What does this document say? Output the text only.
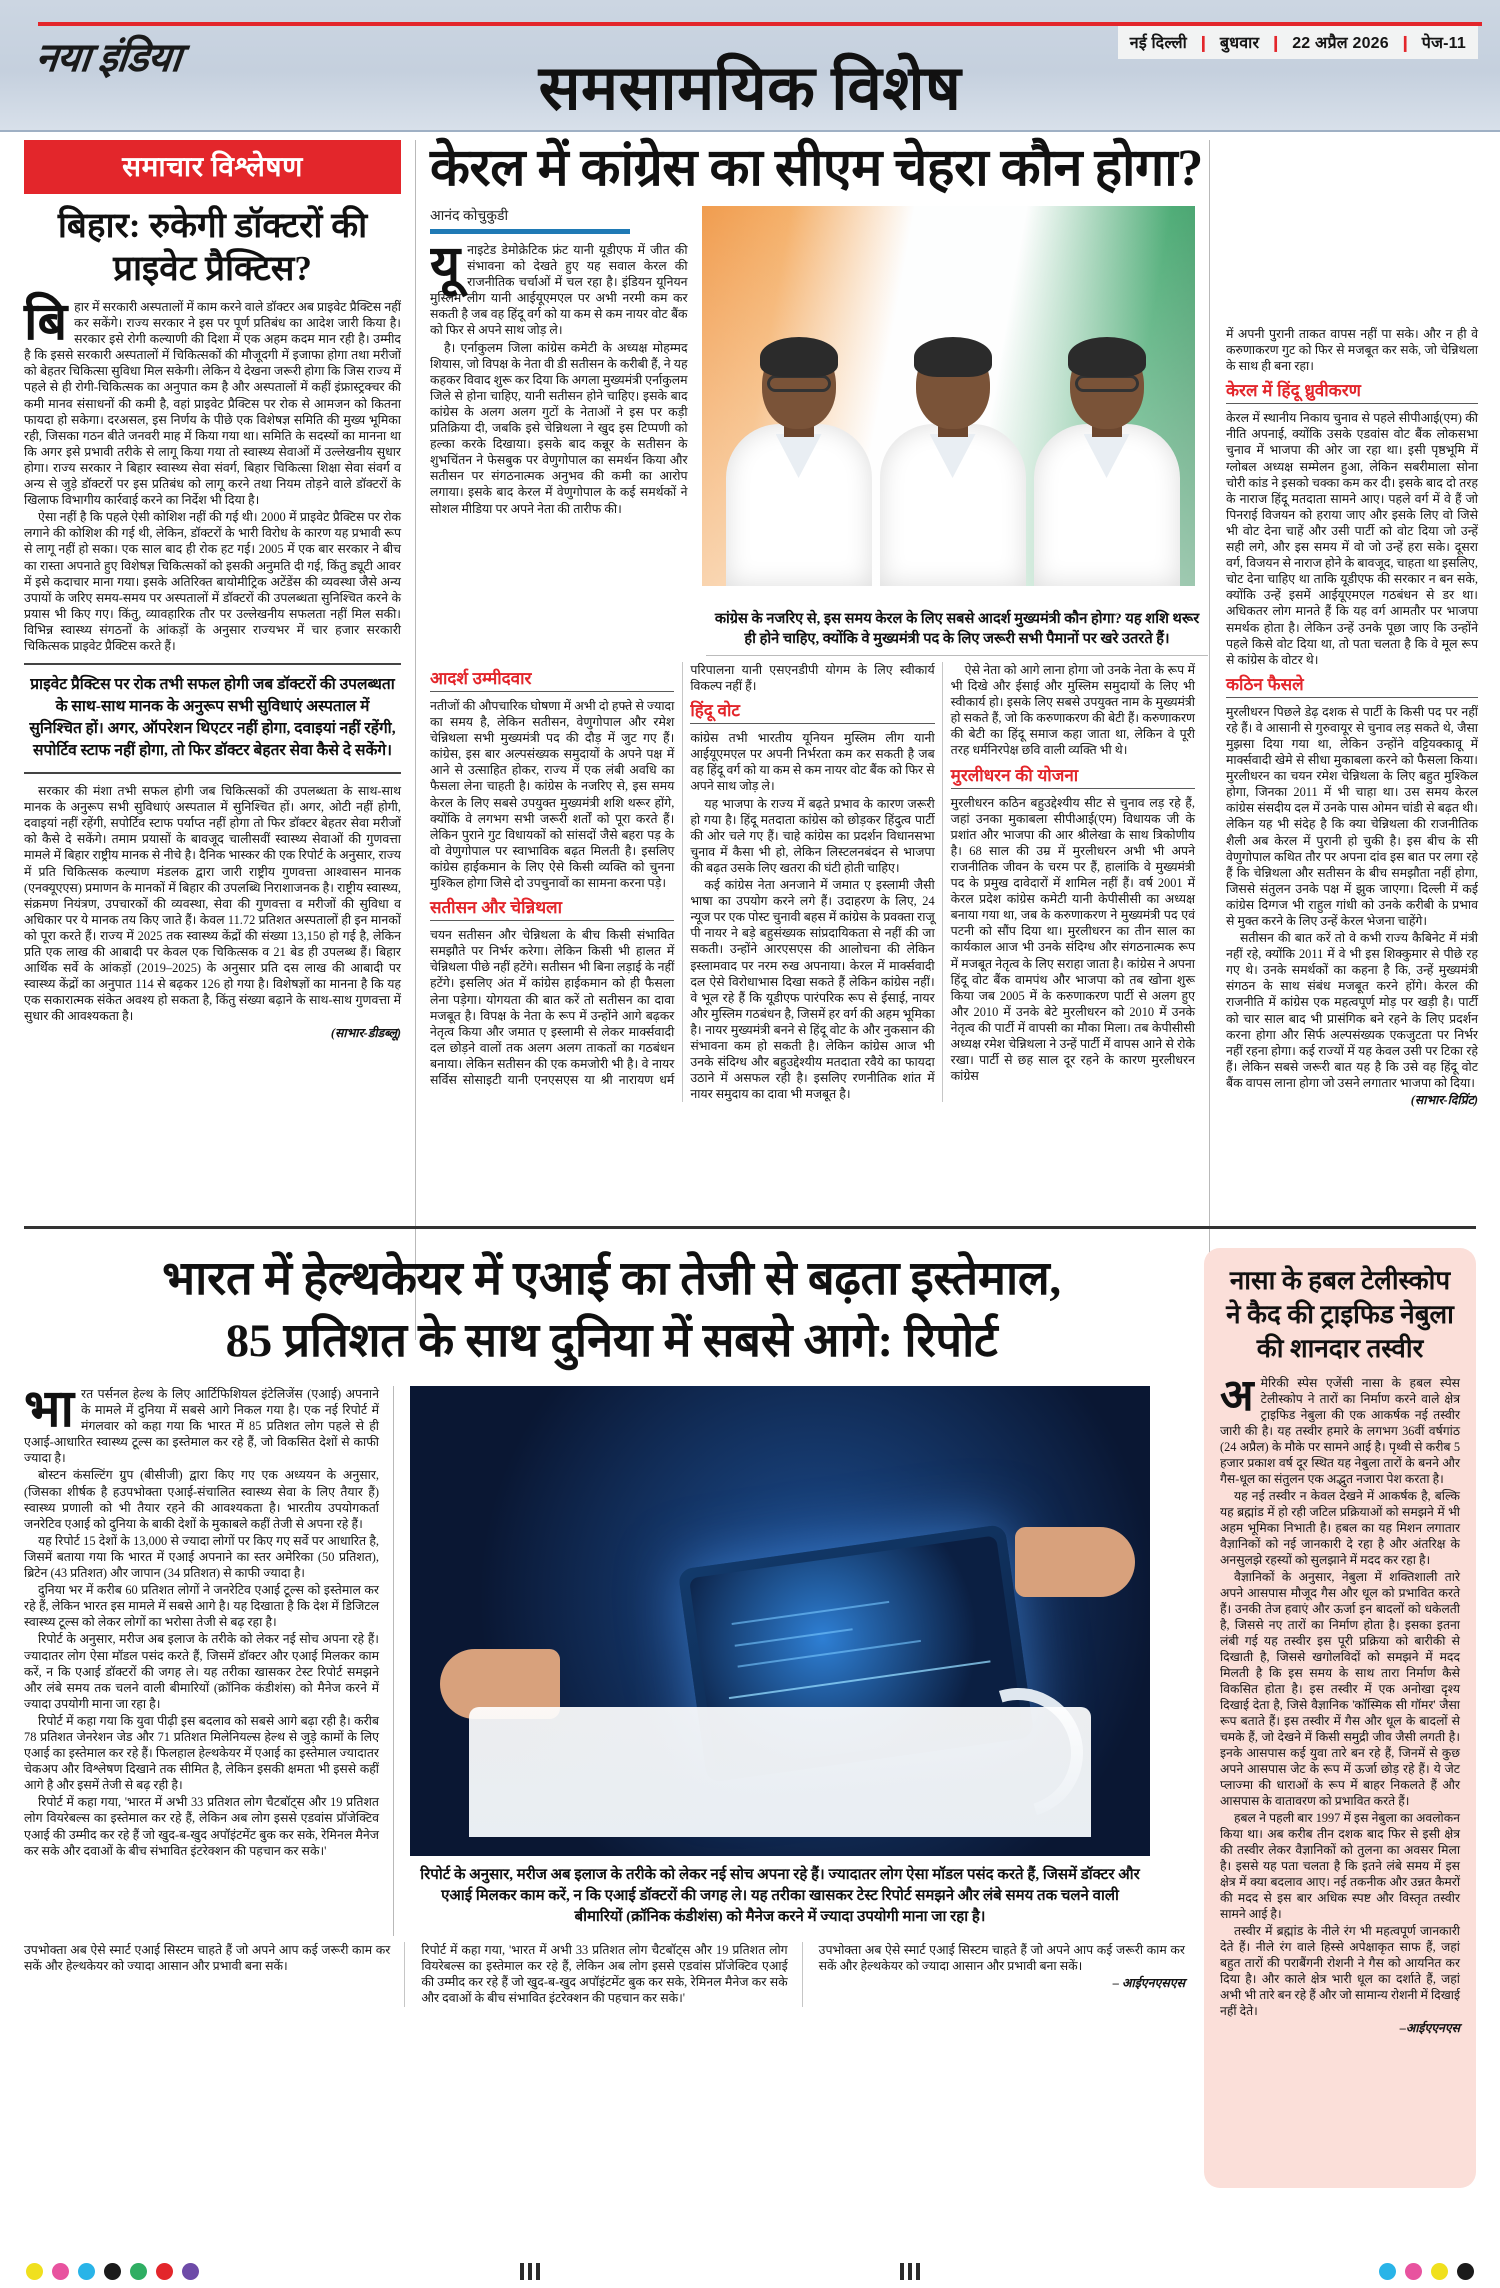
नया इंडिया	नई दिल्ली ❙ बुधवार ❙ 22 अप्रैल 2026 ❙ पेज-11
समसामयिक विशेष
समाचार विश्लेषण
बिहार: रुकेगी डॉक्टरों की प्राइवेट प्रैक्टिस?

बिहार में सरकारी अस्पतालों में काम करने वाले डॉक्टर अब प्राइवेट प्रैक्टिस नहीं कर सकेंगे। राज्य सरकार ने इस पर पूर्ण प्रतिबंध का आदेश जारी किया है। सरकार इसे रोगी कल्याणी की दिशा में एक अहम कदम मान रही है। उम्मीद है कि इससे सरकारी अस्पतालों में चिकित्सकों की मौजूदगी में इजाफा होगा तथा मरीजों को बेहतर चिकित्सा सुविधा मिल सकेगी। लेकिन ये देखना जरूरी होगा कि जिस राज्य में पहले से ही रोगी-चिकित्सक का अनुपात कम है और अस्पतालों में कहीं इंफ्रास्ट्रक्चर की कमी मानव संसाधनों की कमी है, वहां प्राइवेट प्रैक्टिस पर रोक से आमजन को कितना फायदा हो सकेगा। दरअसल, इस निर्णय के पीछे एक विशेषज्ञ समिति की मुख्य भूमिका रही, जिसका गठन बीते जनवरी माह में किया गया था। समिति के सदस्यों का मानना था कि अगर इसे प्रभावी तरीके से लागू किया गया तो स्वास्थ्य सेवाओं में उल्लेखनीय सुधार होगा। राज्य सरकार ने बिहार स्वास्थ्य सेवा संवर्ग, बिहार चिकित्सा शिक्षा सेवा संवर्ग व अन्य से जुड़े डॉक्टरों पर इस प्रतिबंध को लागू करने तथा नियम तोड़ने वाले डॉक्टरों के खिलाफ विभागीय कार्रवाई करने का निर्देश भी दिया है।

ऐसा नहीं है कि पहले ऐसी कोशिश नहीं की गई थी। 2000 में प्राइवेट प्रैक्टिस पर रोक लगाने की कोशिश की गई थी, लेकिन, डॉक्टरों के भारी विरोध के कारण यह प्रभावी रूप से लागू नहीं हो सका। एक साल बाद ही रोक हट गई। 2005 में एक बार सरकार ने बीच का रास्ता अपनाते हुए विशेषज्ञ चिकित्सकों को इसकी अनुमति दी गई, किंतु ड्यूटी आवर में इसे कदाचार माना गया। इसके अतिरिक्त बायोमीट्रिक अटेंडेंस की व्यवस्था जैसे अन्य उपायों के जरिए समय-समय पर अस्पतालों में डॉक्टरों की उपलब्धता सुनिश्चित करने के प्रयास भी किए गए। किंतु, व्यावहारिक तौर पर उल्लेखनीय सफलता नहीं मिल सकी। विभिन्न स्वास्थ्य संगठनों के आंकड़ों के अनुसार राज्यभर में चार हजार सरकारी चिकित्सक प्राइवेट प्रैक्टिस करते हैं।

प्राइवेट प्रैक्टिस पर रोक तभी सफल होगी जब डॉक्टरों की उपलब्धता के साथ-साथ मानक के अनुरूप सभी सुविधाएं अस्पताल में सुनिश्चित हों। अगर, ऑपरेशन थिएटर नहीं होगा, दवाइयां नहीं रहेंगी, सपोर्टिव स्टाफ नहीं होगा, तो फिर डॉक्टर बेहतर सेवा कैसे दे सकेंगे।

सरकार की मंशा तभी सफल होगी जब चिकित्सकों की उपलब्धता के साथ-साथ मानक के अनुरूप सभी सुविधाएं अस्पताल में सुनिश्चित हों। अगर, ओटी नहीं होगी, दवाइयां नहीं रहेंगी, सपोर्टिव स्टाफ पर्याप्त नहीं होगा तो फिर डॉक्टर बेहतर सेवा मरीजों को कैसे दे सकेंगे। तमाम प्रयासों के बावजूद चालीसवीं स्वास्थ्य सेवाओं की गुणवत्ता मामले में बिहार राष्ट्रीय मानक से नीचे है। दैनिक भास्कर की एक रिपोर्ट के अनुसार, राज्य में प्रति चिकित्सक कल्याण मंडलक द्वारा जारी राष्ट्रीय गुणवत्ता आश्वासन मानक (एनक्यूएएस) प्रमाणन के मानकों में बिहार की उपलब्धि निराशाजनक है। राष्ट्रीय स्वास्थ्य, संक्रमण नियंत्रण, उपचारकों की व्यवस्था, सेवा की गुणवत्ता व मरीजों की सुविधा व अधिकार पर ये मानक तय किए जाते हैं। केवल 11.72 प्रतिशत अस्पतालों ही इन मानकों को पूरा करते हैं। राज्य में 2025 तक स्वास्थ्य केंद्रों की संख्या 13,150 हो गई है, लेकिन प्रति एक लाख की आबादी पर केवल एक चिकित्सक व 21 बेड ही उपलब्ध हैं। बिहार आर्थिक सर्वे के आंकड़ों (2019–2025) के अनुसार प्रति दस लाख की आबादी पर स्वास्थ्य केंद्रों का अनुपात 114 से बढ़कर 126 हो गया है। विशेषज्ञों का मानना है कि यह एक सकारात्मक संकेत अवश्य हो सकता है, किंतु संख्या बढ़ाने के साथ-साथ गुणवत्ता में सुधार की आवश्यकता है।

(साभार-डीडब्लू)

केरल में कांग्रेस का सीएम चेहरा कौन होगा?
आनंद कोचुकुडी

यूनाइटेड डेमोक्रेटिक फ्रंट यानी यूडीएफ में जीत की संभावना को देखते हुए यह सवाल केरल की राजनीतिक चर्चाओं में चल रहा है। इंडियन यूनियन मुस्लिम लीग यानी आईयूएमएल पर अभी नरमी कम कर सकती है जब वह हिंदू वर्ग को या कम से कम नायर वोट बैंक को फिर से अपने साथ जोड़ ले।

है। एर्नाकुलम जिला कांग्रेस कमेटी के अध्यक्ष मोहम्मद शियास, जो विपक्ष के नेता वी डी सतीसन के करीबी हैं, ने यह कहकर विवाद शुरू कर दिया कि अगला मुख्यमंत्री एर्नाकुलम जिले से होना चाहिए, यानी सतीसन होने चाहिए। इसके बाद कांग्रेस के अलग अलग गुटों के नेताओं ने इस पर कड़ी प्रतिक्रिया दी, जबकि इसे चेन्निथला ने खुद इस टिप्पणी को हल्का करके दिखाया। इसके बाद कन्नूर के सतीसन के शुभचिंतन ने फेसबुक पर वेणुगोपाल का समर्थन किया और सतीसन पर संगठनात्मक अनुभव की कमी का आरोप लगाया। इसके बाद केरल में वेणुगोपाल के कई समर्थकों ने सोशल मीडिया पर अपने नेता की तारीफ की।

कांग्रेस के नजरिए से, इस समय केरल के लिए सबसे आदर्श मुख्यमंत्री कौन होगा? यह शशि थरूर ही होने चाहिए, क्योंकि वे मुख्यमंत्री पद के लिए जरूरी सभी पैमानों पर खरे उतरते हैं।
आदर्श उम्मीदवार

नतीजों की औपचारिक घोषणा में अभी दो हफ्ते से ज्यादा का समय है, लेकिन सतीसन, वेणुगोपाल और रमेश चेन्निथला सभी मुख्यमंत्री पद की दौड़ में जुट गए हैं। कांग्रेस, इस बार अल्पसंख्यक समुदायों के अपने पक्ष में आने से उत्साहित होकर, राज्य में एक लंबी अवधि का फैसला लेना चाहती है। कांग्रेस के नजरिए से, इस समय केरल के लिए सबसे उपयुक्त मुख्यमंत्री शशि थरूर होंगे, क्योंकि वे लगभग सभी जरूरी शर्तों को पूरा करते हैं। लेकिन पुराने गुट विधायकों को सांसदों जैसे बहरा पड़ के वो वेणुगोपाल पर स्वाभाविक बढ़त मिलती है। इसलिए कांग्रेस हाईकमान के लिए ऐसे किसी व्यक्ति को चुनना मुश्किल होगा जिसे दो उपचुनावों का सामना करना पड़े।

सतीसन और चेन्निथला

चयन सतीसन और चेन्निथला के बीच किसी संभावित समझौते पर निर्भर करेगा। लेकिन किसी भी हालत में चेन्निथला पीछे नहीं हटेंगे। सतीसन भी बिना लड़ाई के नहीं हटेंगे। इसलिए अंत में कांग्रेस हाईकमान को ही फैसला लेना पड़ेगा। योगयता की बात करें तो सतीसन का दावा मजबूत है। विपक्ष के नेता के रूप में उन्होंने आगे बढ़कर नेतृत्व किया और जमात ए इस्लामी से लेकर मार्क्सवादी दल छोड़ने वालों तक अलग अलग ताकतों का गठबंधन बनाया। लेकिन सतीसन की एक कमजोरी भी है। वे नायर सर्विस सोसाइटी यानी एनएसएस या श्री नारायण धर्म परिपालना यानी एसएनडीपी योगम के लिए स्वीकार्य विकल्प नहीं हैं।

हिंदू वोट

कांग्रेस तभी भारतीय यूनियन मुस्लिम लीग यानी आईयूएमएल पर अपनी निर्भरता कम कर सकती है जब वह हिंदू वर्ग को या कम से कम नायर वोट बैंक को फिर से अपने साथ जोड़ ले।

यह भाजपा के राज्य में बढ़ते प्रभाव के कारण जरूरी हो गया है। हिंदू मतदाता कांग्रेस को छोड़कर हिंदुत्व पार्टी की ओर चले गए हैं। चाहे कांग्रेस का प्रदर्शन विधानसभा चुनाव में कैसा भी हो, लेकिन लिस्टलनबंदन से भाजपा की बढ़त उसके लिए खतरा की घंटी होती चाहिए।

कई कांग्रेस नेता अनजाने में जमात ए इस्लामी जैसी भाषा का उपयोग करने लगे हैं। उदाहरण के लिए, 24 न्यूज पर एक पोस्ट चुनावी बहस में कांग्रेस के प्रवक्ता राजू पी नायर ने बड़े बहुसंख्यक सांप्रदायिकता से नहीं की जा सकती। उन्होंने आरएसएस की आलोचना की लेकिन इस्लामवाद पर नरम रुख अपनाया। केरल में मार्क्सवादी दल ऐसे विरोधाभास दिखा सकते हैं लेकिन कांग्रेस नहीं। वे भूल रहे हैं कि यूडीएफ पारंपरिक रूप से ईसाई, नायर और मुस्लिम गठबंधन है, जिसमें हर वर्ग की अहम भूमिका है। नायर मुख्यमंत्री बनने से हिंदू वोट के और नुकसान की संभावना कम हो सकती है। लेकिन कांग्रेस आज भी उनके संदिग्ध और बहुउद्देश्यीय मतदाता रवैये का फायदा उठाने में असफल रही है। इसलिए रणनीतिक शांत में नायर समुदाय का दावा भी मजबूत है।

ऐसे नेता को आगे लाना होगा जो उनके नेता के रूप में भी दिखे और ईसाई और मुस्लिम समुदायों के लिए भी स्वीकार्य हो। इसके लिए सबसे उपयुक्त नाम के मुख्यमंत्री हो सकते हैं, जो कि करुणाकरण की बेटी हैं। करुणाकरण की बेटी का हिंदू समाज कहा जाता था, लेकिन वे पूरी तरह धर्मनिरपेक्ष छवि वाली व्यक्ति भी थे।

मुरलीधरन की योजना

मुरलीधरन कठिन बहुउद्देश्यीय सीट से चुनाव लड़ रहे हैं, जहां उनका मुकाबला सीपीआई(एम) विधायक जी के प्रशांत और भाजपा की आर श्रीलेखा के साथ त्रिकोणीय है। 68 साल की उम्र में मुरलीधरन अभी भी अपने राजनीतिक जीवन के चरम पर हैं, हालांकि वे मुख्यमंत्री पद के प्रमुख दावेदारों में शामिल नहीं हैं। वर्ष 2001 में केरल प्रदेश कांग्रेस कमेटी यानी केपीसीसी का अध्यक्ष बनाया गया था, जब के करुणाकरण ने मुख्यमंत्री पद एवं पटनी को सौंप दिया था। मुरलीधरन का तीन साल का कार्यकाल आज भी उनके संदिग्ध और संगठनात्मक रूप में मजबूत नेतृत्व के लिए सराहा जाता है। कांग्रेस ने अपना हिंदू वोट बैंक वामपंथ और भाजपा को तब खोना शुरू किया जब 2005 में के करुणाकरण पार्टी से अलग हुए और 2010 में उनके बेटे मुरलीधरन को 2010 में उनके नेतृत्व की पार्टी में वापसी का मौका मिला। तब केपीसीसी अध्यक्ष रमेश चेन्निथला ने उन्हें पार्टी में वापस आने से रोके रखा। पार्टी से छह साल दूर रहने के कारण मुरलीधरन कांग्रेस

में अपनी पुरानी ताकत वापस नहीं पा सके। और न ही वे करुणाकरण गुट को फिर से मजबूत कर सके, जो चेन्निथला के साथ ही बना रहा।

केरल में हिंदू ध्रुवीकरण

केरल में स्थानीय निकाय चुनाव से पहले सीपीआई(एम) की नीति अपनाई, क्योंकि उसके एडवांस वोट बैंक लोकसभा चुनाव में भाजपा की ओर जा रहा था। इसी पृष्ठभूमि में ग्लोबल अध्यक्ष सम्मेलन हुआ, लेकिन सबरीमाला सोना चोरी कांड ने इसको चक्का कम कर दी। इसके बाद दो तरह के नाराज हिंदू मतदाता सामने आए। पहले वर्ग में वे हैं जो पिनराई विजयन को हराया जाए और इसके लिए वो जिसे भी वोट देना चाहें और उसी पार्टी को वोट दिया जो उन्हें सही लगे, और इस समय में वो जो उन्हें हरा सके। दूसरा वर्ग, विजयन से नाराज होने के बावजूद, चाहता था इसलिए, चोट देना चाहिए था ताकि यूडीएफ की सरकार न बन सके, क्योंकि उन्हें इसमें आईयूएमएल गठबंधन से डर था। अधिकतर लोग मानते हैं कि यह वर्ग आमतौर पर भाजपा समर्थक होता है। लेकिन उन्हें उनके पूछा जाए कि उन्होंने पहले किसे वोट दिया था, तो पता चलता है कि वे मूल रूप से कांग्रेस के वोटर थे।

कठिन फैसले

मुरलीधरन पिछले डेढ़ दशक से पार्टी के किसी पद पर नहीं रहे हैं। वे आसानी से गुरुवायूर से चुनाव लड़ सकते थे, जैसा मुझसा दिया गया था, लेकिन उन्होंने वट्टियक्कावू में मार्क्सवादी खेमे से सीधा मुकाबला करने को फैसला किया। मुरलीधरन का चयन रमेश चेन्निथला के लिए बहुत मुश्किल होगा, जिनका 2011 में भी चाहा था। उस समय केरल कांग्रेस संसदीय दल में उनके पास ओमन चांडी से बढ़त थी। लेकिन यह भी संदेह है कि क्या चेन्निथला की राजनीतिक शैली अब केरल में पुरानी हो चुकी है। इस बीच के सी वेणुगोपाल कथित तौर पर अपना दांव इस बात पर लगा रहे हैं कि चेन्निथला और सतीसन के बीच समझौता नहीं होगा, जिससे संतुलन उनके पक्ष में झुक जाएगा। दिल्ली में कई कांग्रेस दिग्गज भी राहुल गांधी को उनके करीबी के प्रभाव से मुक्त करने के लिए उन्हें केरल भेजना चाहेंगे।

सतीसन की बात करें तो वे कभी राज्य कैबिनेट में मंत्री नहीं रहे, क्योंकि 2011 में वे भी इस शिक्कुमार से पीछे रह गए थे। उनके समर्थकों का कहना है कि, उन्हें मुख्यमंत्री संगठन के साथ संबंध मजबूत करने होंगे। केरल की राजनीति में कांग्रेस एक महत्वपूर्ण मोड़ पर खड़ी है। पार्टी को चार साल बाद भी प्रासंगिक बने रहने के लिए प्रदर्शन करना होगा और सिर्फ अल्पसंख्यक एकजुटता पर निर्भर नहीं रहना होगा। कई राज्यों में यह केवल उसी पर टिका रहे हैं। लेकिन सबसे जरूरी बात यह है कि उसे वह हिंदू वोट बैंक वापस लाना होगा जो उसने लगातार भाजपा को दिया।

(साभार-दिप्रिंट)

भारत में हेल्थकेयर में एआई का तेजी से बढ़ता इस्तेमाल,
85 प्रतिशत के साथ दुनिया में सबसे आगे: रिपोर्ट

भारत पर्सनल हेल्थ के लिए आर्टिफिशियल इंटेलिजेंस (एआई) अपनाने के मामले में दुनिया में सबसे आगे निकल गया है। एक नई रिपोर्ट में मंगलवार को कहा गया कि भारत में 85 प्रतिशत लोग पहले से ही एआई-आधारित स्वास्थ्य टूल्स का इस्तेमाल कर रहे हैं, जो विकसित देशों से काफी ज्यादा है।

बोस्टन कंसल्टिंग ग्रुप (बीसीजी) द्वारा किए गए एक अध्ययन के अनुसार, (जिसका शीर्षक है हउपभोक्ता एआई-संचालित स्वास्थ्य सेवा के लिए तैयार हैं) स्वास्थ्य प्रणाली को भी तैयार रहने की आवश्यकता है। भारतीय उपयोगकर्ता जनरेटिव एआई को दुनिया के बाकी देशों के मुकाबले कहीं तेजी से अपना रहे हैं।

यह रिपोर्ट 15 देशों के 13,000 से ज्यादा लोगों पर किए गए सर्वे पर आधारित है, जिसमें बताया गया कि भारत में एआई अपनाने का स्तर अमेरिका (50 प्रतिशत), ब्रिटेन (43 प्रतिशत) और जापान (34 प्रतिशत) से काफी ज्यादा है।

दुनिया भर में करीब 60 प्रतिशत लोगों ने जनरेटिव एआई टूल्स को इस्तेमाल कर रहे हैं, लेकिन भारत इस मामले में सबसे आगे है। यह दिखाता है कि देश में डिजिटल स्वास्थ्य टूल्स को लेकर लोगों का भरोसा तेजी से बढ़ रहा है।

रिपोर्ट के अनुसार, मरीज अब इलाज के तरीके को लेकर नई सोच अपना रहे हैं। ज्यादातर लोग ऐसा मॉडल पसंद करते हैं, जिसमें डॉक्टर और एआई मिलकर काम करें, न कि एआई डॉक्टरों की जगह ले। यह तरीका खासकर टेस्ट रिपोर्ट समझने और लंबे समय तक चलने वाली बीमारियों (क्रॉनिक कंडीशंस) को मैनेज करने में ज्यादा उपयोगी माना जा रहा है।

रिपोर्ट में कहा गया कि युवा पीढ़ी इस बदलाव को सबसे आगे बढ़ा रही है। करीब 78 प्रतिशत जेनरेशन जेड और 71 प्रतिशत मिलेनियल्स हेल्थ से जुड़े कामों के लिए एआई का इस्तेमाल कर रहे हैं। फिलहाल हेल्थकेयर में एआई का इस्तेमाल ज्यादातर चेकअप और विश्लेषण दिखाने तक सीमित है, लेकिन इसकी क्षमता भी इससे कहीं आगे है और इसमें तेजी से बढ़ रही है।

रिपोर्ट में कहा गया, 'भारत में अभी 33 प्रतिशत लोग चैटबॉट्स और 19 प्रतिशत लोग वियरेबल्स का इस्तेमाल कर रहे हैं, लेकिन अब लोग इससे एडवांस प्रॉजेक्टिव एआई की उम्मीद कर रहे हैं जो खुद-ब-खुद अपॉइंटमेंट बुक कर सके, रेमिनल मैनेज कर सके और दवाओं के बीच संभावित इंटरेक्शन की पहचान कर सके।'

रिपोर्ट के अनुसार, मरीज अब इलाज के तरीके को लेकर नई सोच अपना रहे हैं। ज्यादातर लोग ऐसा मॉडल पसंद करते हैं, जिसमें डॉक्टर और एआई मिलकर काम करें, न कि एआई डॉक्टरों की जगह ले। यह तरीका खासकर टेस्ट रिपोर्ट समझने और लंबे समय तक चलने वाली बीमारियों (क्रॉनिक कंडीशंस) को मैनेज करने में ज्यादा उपयोगी माना जा रहा है।

उपभोक्ता अब ऐसे स्मार्ट एआई सिस्टम चाहते हैं जो अपने आप कई जरूरी काम कर सकें और हेल्थकेयर को ज्यादा आसान और प्रभावी बना सकें।

रिपोर्ट में कहा गया, 'भारत में अभी 33 प्रतिशत लोग चैटबॉट्स और 19 प्रतिशत लोग वियरेबल्स का इस्तेमाल कर रहे हैं, लेकिन अब लोग इससे एडवांस प्रॉजेक्टिव एआई की उम्मीद कर रहे हैं जो खुद-ब-खुद अपॉइंटमेंट बुक कर सके, रेमिनल मैनेज कर सके और दवाओं के बीच संभावित इंटरेक्शन की पहचान कर सके।'

उपभोक्ता अब ऐसे स्मार्ट एआई सिस्टम चाहते हैं जो अपने आप कई जरूरी काम कर सकें और हेल्थकेयर को ज्यादा आसान और प्रभावी बना सकें।

– आईएनएसएस

नासा के हबल टेलीस्कोप ने कैद की ट्राइफिड नेबुला की शानदार तस्वीर

अमेरिकी स्पेस एजेंसी नासा के हबल स्पेस टेलीस्कोप ने तारों का निर्माण करने वाले क्षेत्र ट्राइफिड नेबुला की एक आकर्षक नई तस्वीर जारी की है। यह तस्वीर हमारे के लगभग 36वीं वर्षगांठ (24 अप्रैल) के मौके पर सामने आई है। पृथ्वी से करीब 5 हजार प्रकाश वर्ष दूर स्थित यह नेबुला तारों के बनने और गैस-धूल का संतुलन एक अद्भुत नजारा पेश करता है।

यह नई तस्वीर न केवल देखने में आकर्षक है, बल्कि यह ब्रह्मांड में हो रही जटिल प्रक्रियाओं को समझने में भी अहम भूमिका निभाती है। हबल का यह मिशन लगातार वैज्ञानिकों को नई जानकारी दे रहा है और अंतरिक्ष के अनसुलझे रहस्यों को सुलझाने में मदद कर रहा है।

वैज्ञानिकों के अनुसार, नेबुला में शक्तिशाली तारे अपने आसपास मौजूद गैस और धूल को प्रभावित करते हैं। उनकी तेज हवाएं और ऊर्जा इन बादलों को धकेलती है, जिससे नए तारों का निर्माण होता है। इसका इतना लंबी गई यह तस्वीर इस पूरी प्रक्रिया को बारीकी से दिखाती है, जिससे खगोलविदों को समझने में मदद मिलती है कि इस समय के साथ तारा निर्माण कैसे विकसित होता है। इस तस्वीर में एक अनोखा दृश्य दिखाई देता है, जिसे वैज्ञानिक 'कॉस्मिक सी गॉमर' जैसा रूप बताते हैं। इस तस्वीर में गैस और धूल के बादलों से चमके हैं, जो देखने में किसी समुद्री जीव जैसी लगती है। इनके आसपास कई युवा तारे बन रहे हैं, जिनमें से कुछ अपने आसपास जेट के रूप में ऊर्जा छोड़ रहे हैं। ये जेट प्लाज्मा की धाराओं के रूप में बाहर निकलते हैं और आसपास के वातावरण को प्रभावित करते हैं।

हबल ने पहली बार 1997 में इस नेबुला का अवलोकन किया था। अब करीब तीन दशक बाद फिर से इसी क्षेत्र की तस्वीर लेकर वैज्ञानिकों को तुलना का अवसर मिला है। इससे यह पता चलता है कि इतने लंबे समय में इस क्षेत्र में क्या बदलाव आए। नई तकनीक और उन्नत कैमरों की मदद से इस बार अधिक स्पष्ट और विस्तृत तस्वीर सामने आई है।

तस्वीर में ब्रह्मांड के नीले रंग भी महत्वपूर्ण जानकारी देते हैं। नीले रंग वाले हिस्से अपेक्षाकृत साफ हैं, जहां बहुत तारों की पराबैंगनी रोशनी ने गैस को आयनित कर दिया है। और काले क्षेत्र भारी धूल का दर्शाते हैं, जहां अभी भी तारे बन रहे हैं और जो सामान्य रोशनी में दिखाई नहीं देते।

–आईएएनएस
